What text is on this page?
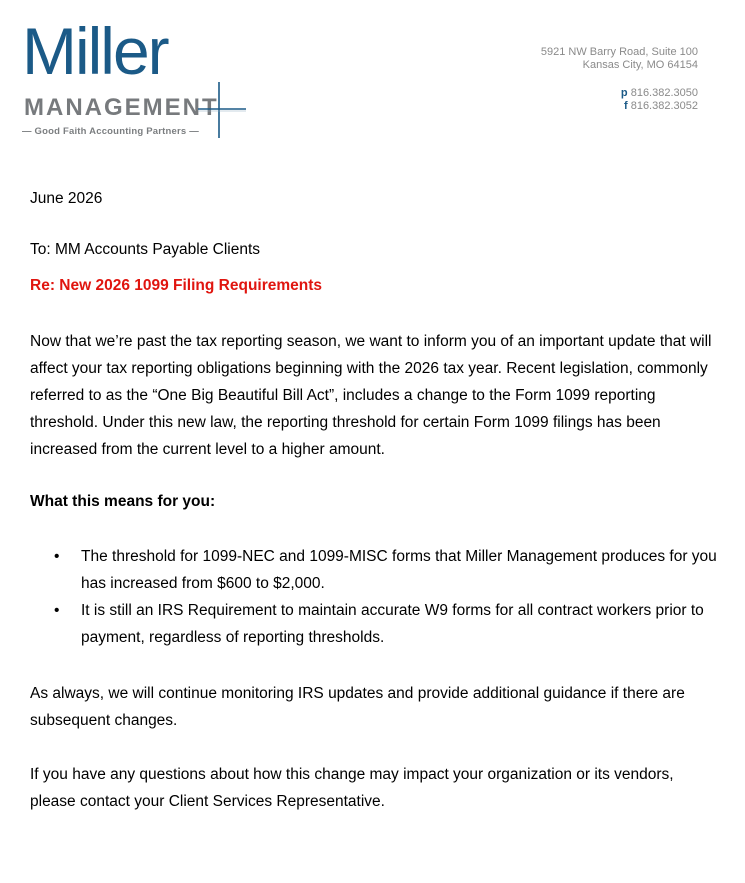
Miller
MANAGEMENT
— Good Faith Accounting Partners —
5921 NW Barry Road, Suite 100
Kansas City, MO 64154
p 816.382.3050
f 816.382.3052
June 2026
To: MM Accounts Payable Clients
Re: New 2026 1099 Filing Requirements
Now that we’re past the tax reporting season, we want to inform you of an important update that will affect your tax reporting obligations beginning with the 2026 tax year. Recent legislation, commonly referred to as the “One Big Beautiful Bill Act”, includes a change to the Form 1099 reporting threshold. Under this new law, the reporting threshold for certain Form 1099 filings has been increased from the current level to a higher amount.
What this means for you:
• The threshold for 1099-NEC and 1099-MISC forms that Miller Management produces for you has increased from $600 to $2,000.
• It is still an IRS Requirement to maintain accurate W9 forms for all contract workers prior to payment, regardless of reporting thresholds.
As always, we will continue monitoring IRS updates and provide additional guidance if there are subsequent changes.
If you have any questions about how this change may impact your organization or its vendors, please contact your Client Services Representative.
